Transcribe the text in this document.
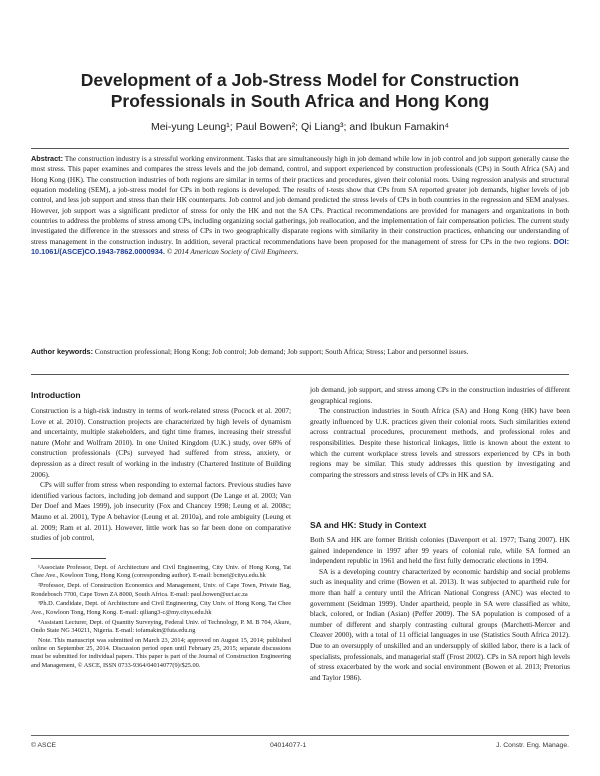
Development of a Job-Stress Model for Construction Professionals in South Africa and Hong Kong
Mei-yung Leung¹; Paul Bowen²; Qi Liang³; and Ibukun Famakin⁴
Abstract: The construction industry is a stressful working environment. Tasks that are simultaneously high in job demand while low in job control and job support generally cause the most stress. This paper examines and compares the stress levels and the job demand, control, and support experienced by construction professionals (CPs) in South Africa (SA) and Hong Kong (HK). The construction industries of both regions are similar in terms of their practices and procedures, given their colonial roots. Using regression analysis and structural equation modeling (SEM), a job-stress model for CPs in both regions is developed. The results of t-tests show that CPs from SA reported greater job demands, higher levels of job control, and less job support and stress than their HK counterparts. Job control and job demand predicted the stress levels of CPs in both countries in the regression and SEM analyses. However, job support was a significant predictor of stress for only the HK and not the SA CPs. Practical recommendations are provided for managers and organizations in both countries to address the problems of stress among CPs, including organizing social gatherings, job reallocation, and the implementation of fair compensation policies. The current study investigated the difference in the stressors and stress of CPs in two geographically disparate regions with similarity in their construction practices, enhancing our understanding of stress management in the construction industry. In addition, several practical recommendations have been proposed for the management of stress for CPs in the two regions. DOI: 10.1061/(ASCE)CO.1943-7862.0000934. © 2014 American Society of Civil Engineers.
Author keywords: Construction professional; Hong Kong; Job control; Job demand; Job support; South Africa; Stress; Labor and personnel issues.
Introduction

Construction is a high-risk industry in terms of work-related stress (Pocock et al. 2007; Love et al. 2010). Construction projects are characterized by high levels of dynamism and uncertainty, multiple stakeholders, and tight time frames, increasing their stressful nature (Mohr and Wolfram 2010). In one United Kingdom (U.K.) study, over 68% of construction professionals (CPs) surveyed had suffered from stress, anxiety, or depression as a direct result of working in the industry (Chartered Institute of Building 2006).

CPs will suffer from stress when responding to external factors. Previous studies have identified various factors, including job demand and support (De Lange et al. 2003; Van Der Doef and Maes 1999), job insecurity (Fox and Chancey 1998; Leung et al. 2008c; Mauno et al. 2001), Type A behavior (Leung et al. 2010a), and role ambiguity (Leung et al. 2009; Ram et al. 2011). However, little work has so far been done on comparative studies of job control,

¹Associate Professor, Dept. of Architecture and Civil Engineering, City Univ. of Hong Kong, Tat Chee Ave., Kowloon Tong, Hong Kong (corresponding author). E-mail: bcmei@cityu.edu.hk

²Professor, Dept. of Construction Economics and Management, Univ. of Cape Town, Private Bag, Rondebosch 7700, Cape Town ZA 8000, South Africa. E-mail: paul.bowen@uct.ac.za

³Ph.D. Candidate, Dept. of Architecture and Civil Engineering, City Univ. of Hong Kong, Tat Chee Ave., Kowloon Tong, Hong Kong. E-mail: qiliang3-c@my.cityu.edu.hk

⁴Assistant Lecturer, Dept. of Quantity Surveying, Federal Univ. of Technology, P. M. B 704, Akure, Ondo State NG 340211, Nigeria. E-mail: iofamakin@futa.edu.ng

Note. This manuscript was submitted on March 23, 2014; approved on August 15, 2014; published online on September 25, 2014. Discussion period open until February 25, 2015; separate discussions must be submitted for individual papers. This paper is part of the Journal of Construction Engineering and Management, © ASCE, ISSN 0733-9364/04014077(9)/$25.00.

job demand, job support, and stress among CPs in the construction industries of different geographical regions.

The construction industries in South Africa (SA) and Hong Kong (HK) have been greatly influenced by U.K. practices given their colonial roots. Such similarities extend across contractual procedures, procurement methods, and professional roles and responsibilities. Despite these historical linkages, little is known about the extent to which the current workplace stress levels and stressors experienced by CPs in both regions may be similar. This study addresses this question by investigating and comparing the stressors and stress levels of CPs in HK and SA.

SA and HK: Study in Context

Both SA and HK are former British colonies (Davenport et al. 1977; Tsang 2007). HK gained independence in 1997 after 99 years of colonial rule, while SA formed an independent republic in 1961 and held the first fully democratic elections in 1994.

SA is a developing country characterized by economic hardship and social problems such as inequality and crime (Bowen et al. 2013). It was subjected to apartheid rule for more than half a century until the African National Congress (ANC) was elected to government (Seidman 1999). Under apartheid, people in SA were classified as white, black, colored, or Indian (Asian) (Peffer 2009). The SA population is composed of a number of different and sharply contrasting cultural groups (Marchetti-Mercer and Cleaver 2000), with a total of 11 official languages in use (Statistics South Africa 2012). Due to an oversupply of unskilled and an undersupply of skilled labor, there is a lack of specialists, professionals, and managerial staff (Frost 2002). CPs in SA report high levels of stress exacerbated by the work and social environment (Bowen et al. 2013; Pretorius and Taylor 1986).

© ASCE	04014077-1	J. Constr. Eng. Manage.
